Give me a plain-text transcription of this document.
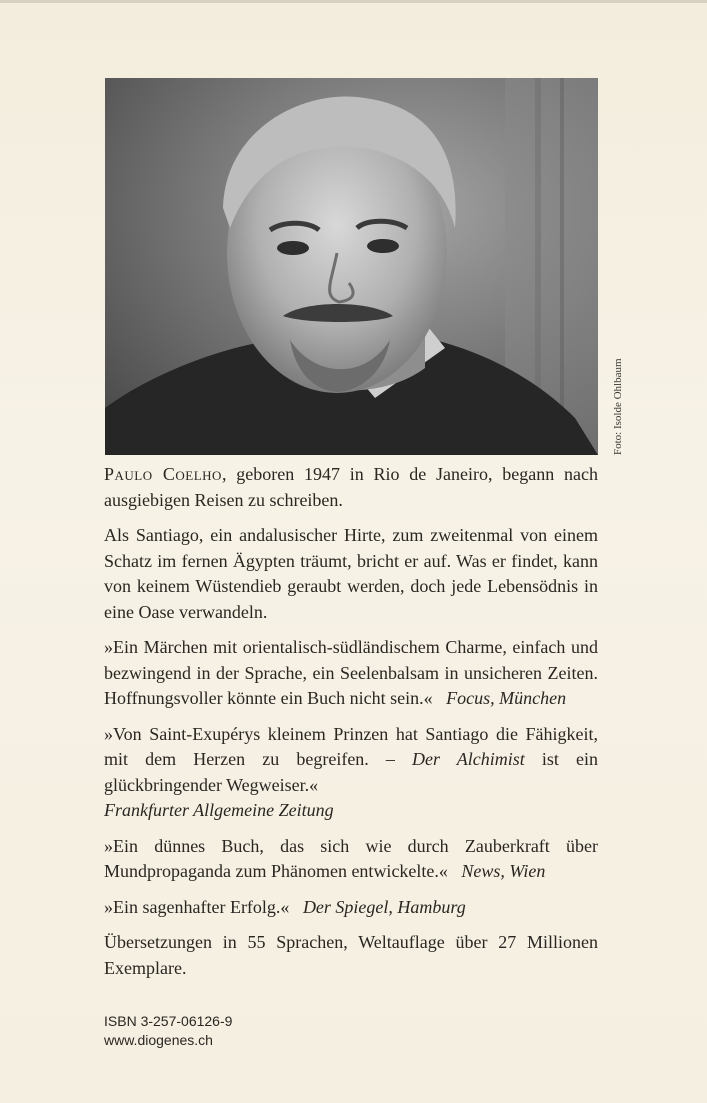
Foto: Isolde Ohlbaum

Paulo Coelho, geboren 1947 in Rio de Janeiro, begann nach ausgiebigen Reisen zu schreiben.

Als Santiago, ein andalusischer Hirte, zum zweitenmal von einem Schatz im fernen Ägypten träumt, bricht er auf. Was er findet, kann von keinem Wüstendieb geraubt werden, doch jede Lebensödnis in eine Oase verwandeln.

»Ein Märchen mit orientalisch-südländischem Charme, einfach und bezwingend in der Sprache, ein Seelenbalsam in unsicheren Zeiten. Hoffnungsvoller könnte ein Buch nicht sein.« Focus, München

»Von Saint-Exupérys kleinem Prinzen hat Santiago die Fähigkeit, mit dem Herzen zu begreifen. – Der Alchimist ist ein glückbringender Wegweiser.«
Frankfurter Allgemeine Zeitung

»Ein dünnes Buch, das sich wie durch Zauberkraft über Mundpropaganda zum Phänomen entwickelte.« News, Wien

»Ein sagenhafter Erfolg.« Der Spiegel, Hamburg

Übersetzungen in 55 Sprachen, Weltauflage über 27 Millionen Exemplare.

ISBN 3-257-06126-9
www.diogenes.ch
